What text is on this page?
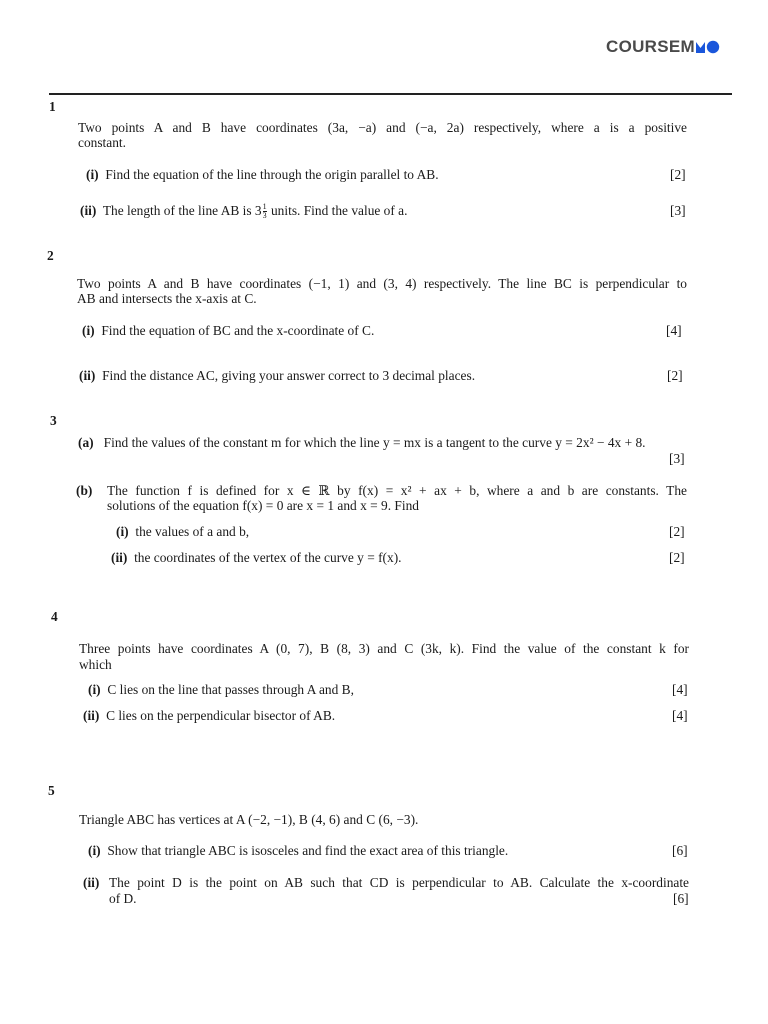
COURSEM
1
Two points A and B have coordinates (3a, −a) and (−a, 2a) respectively, where a is a positive
constant.
(i) Find the equation of the line through the origin parallel to AB.	[2]
(ii) The length of the line AB is $3 \frac{1}{3}$ units. Find the value of a.	[3]
2
Two points A and B have coordinates (−1, 1) and (3, 4) respectively. The line BC is perpendicular to
AB and intersects the x-axis at C.
(i) Find the equation of BC and the x-coordinate of C.	[4]
(ii) Find the distance AC, giving your answer correct to 3 decimal places.	[2]
3
(a) Find the values of the constant m for which the line y = mx is a tangent to the curve y = 2x² − 4x + 8.
[3]
(b) The function f is defined for x ∈ ℝ by f(x) = x² + ax + b, where a and b are constants. The
solutions of the equation f(x) = 0 are x = 1 and x = 9. Find
(i) the values of a and b,	[2]
(ii) the coordinates of the vertex of the curve y = f(x).	[2]
4
Three points have coordinates A (0, 7), B (8, 3) and C (3k, k). Find the value of the constant k for
which
(i) C lies on the line that passes through A and B,	[4]
(ii) C lies on the perpendicular bisector of AB.	[4]
5
Triangle ABC has vertices at A (−2, −1), B (4, 6) and C (6, −3).
(i) Show that triangle ABC is isosceles and find the exact area of this triangle.	[6]
(ii) The point D is the point on AB such that CD is perpendicular to AB. Calculate the x-coordinate
of D.	[6]
